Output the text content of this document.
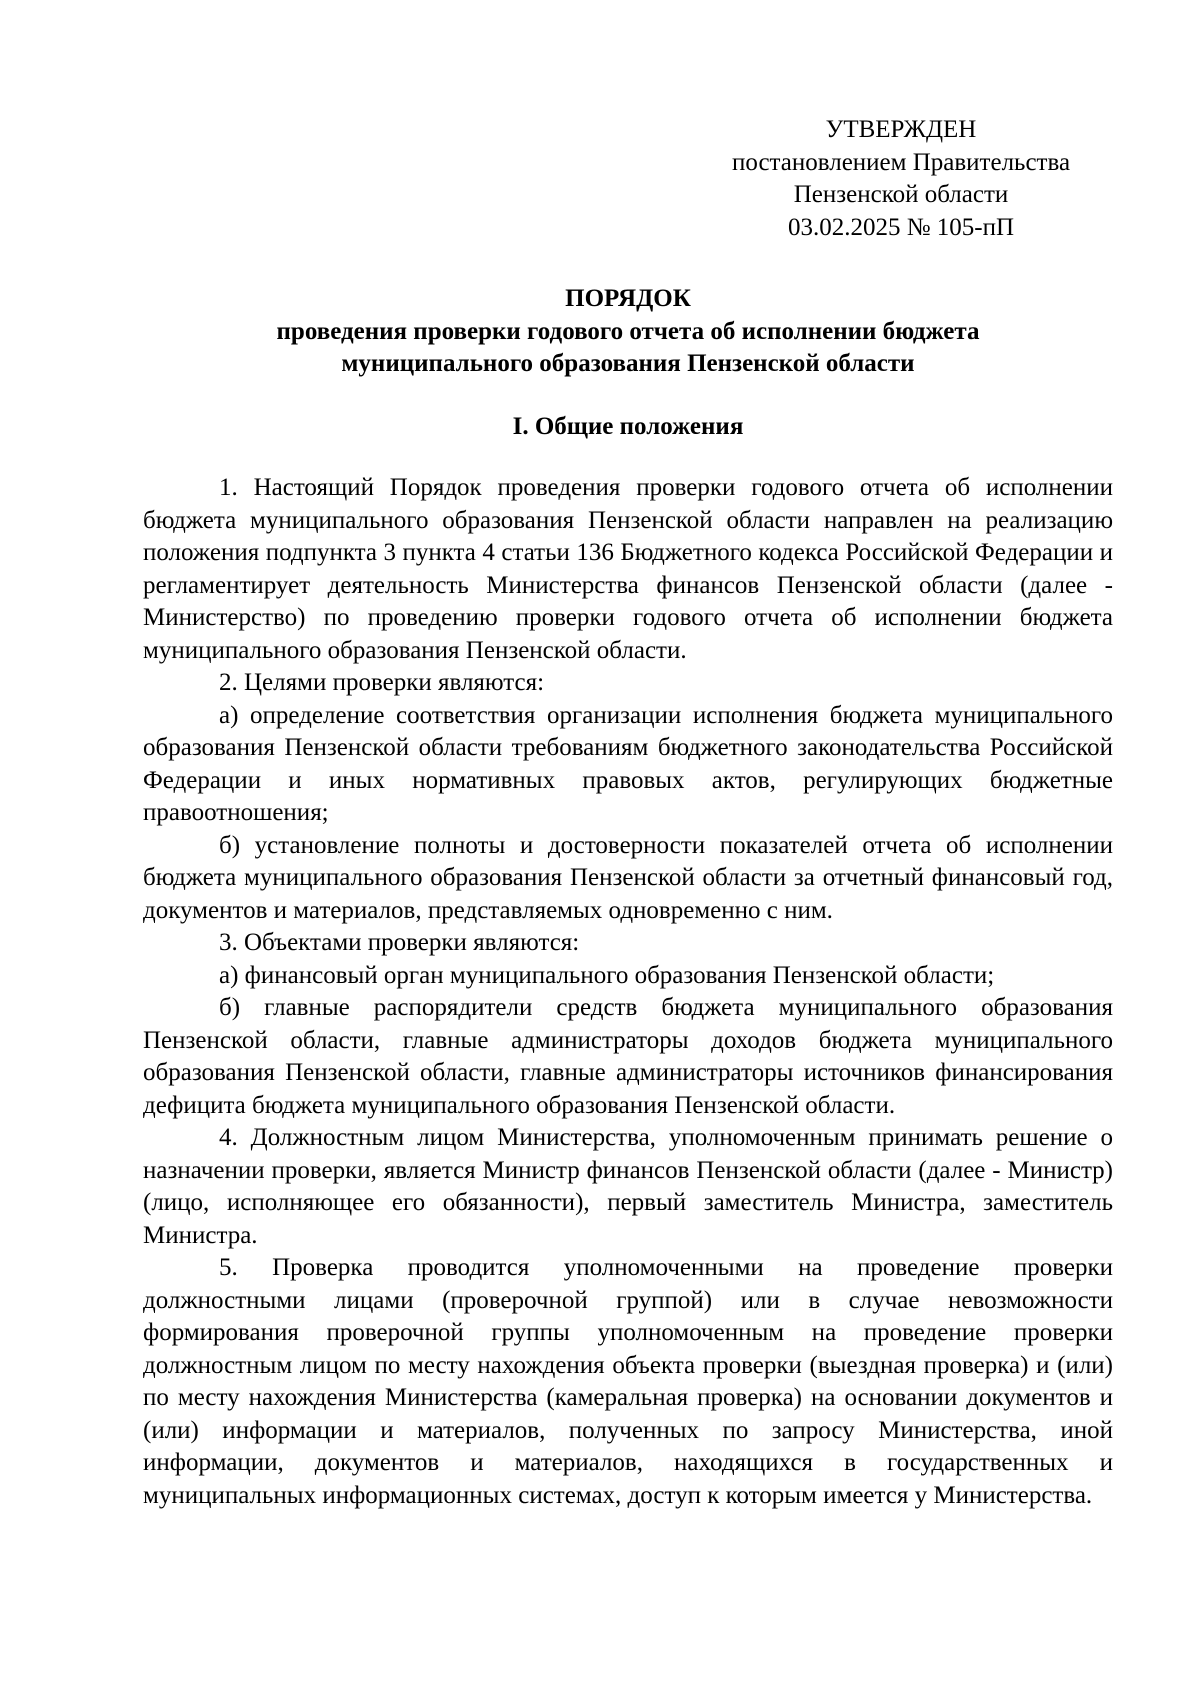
УТВЕРЖДЕН
постановлением Правительства
Пензенской области
03.02.2025 № 105-пП
ПОРЯДОК
проведения проверки годового отчета об исполнении бюджета
муниципального образования Пензенской области
I. Общие положения

1. Настоящий Порядок проведения проверки годового отчета об исполнении бюджета муниципального образования Пензенской области направлен на реализацию положения подпункта 3 пункта 4 статьи 136 Бюджетного кодекса Российской Федерации и регламентирует деятельность Министерства финансов Пензенской области (далее - Министерство) по проведению проверки годового отчета об исполнении бюджета муниципального образования Пензенской области.

2. Целями проверки являются:

а) определение соответствия организации исполнения бюджета муниципального образования Пензенской области требованиям бюджетного законодательства Российской Федерации и иных нормативных правовых актов, регулирующих бюджетные правоотношения;

б) установление полноты и достоверности показателей отчета об исполнении бюджета муниципального образования Пензенской области за отчетный финансовый год, документов и материалов, представляемых одновременно с ним.

3. Объектами проверки являются:

а) финансовый орган муниципального образования Пензенской области;

б) главные распорядители средств бюджета муниципального образования Пензенской области, главные администраторы доходов бюджета муниципального образования Пензенской области, главные администраторы источников финансирования дефицита бюджета муниципального образования Пензенской области.

4. Должностным лицом Министерства, уполномоченным принимать решение о назначении проверки, является Министр финансов Пензенской области (далее - Министр) (лицо, исполняющее его обязанности), первый заместитель Министра, заместитель Министра.

5. Проверка проводится уполномоченными на проведение проверки должностными лицами (проверочной группой) или в случае невозможности формирования проверочной группы уполномоченным на проведение проверки должностным лицом по месту нахождения объекта проверки (выездная проверка) и (или) по месту нахождения Министерства (камеральная проверка) на основании документов и (или) информации и материалов, полученных по запросу Министерства, иной информации, документов и материалов, находящихся в государственных и муниципальных информационных системах, доступ к которым имеется у Министерства.
